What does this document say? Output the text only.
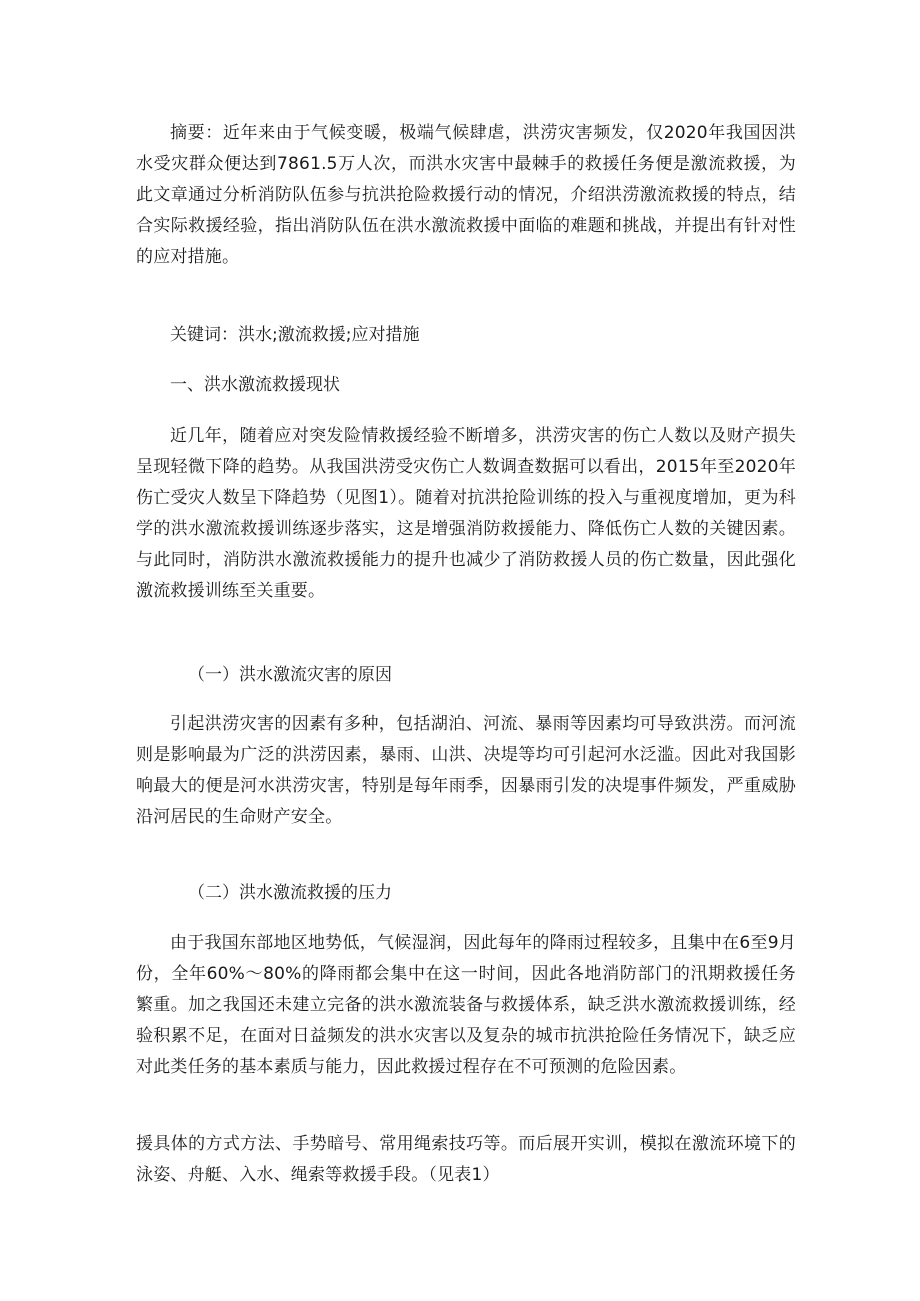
摘要：近年来由于气候变暖，极端气候肆虐，洪涝灾害频发，仅2020年我国因洪水受灾群众便达到7861.5万人次，而洪水灾害中最棘手的救援任务便是激流救援，为此文章通过分析消防队伍参与抗洪抢险救援行动的情况，介绍洪涝激流救援的特点，结合实际救援经验，指出消防队伍在洪水激流救援中面临的难题和挑战，并提出有针对性的应对措施。

关键词：洪水;激流救援;应对措施

一、洪水激流救援现状

近几年，随着应对突发险情救援经验不断增多，洪涝灾害的伤亡人数以及财产损失呈现轻微下降的趋势。从我国洪涝受灾伤亡人数调查数据可以看出，2015年至2020年伤亡受灾人数呈下降趋势（见图1）。随着对抗洪抢险训练的投入与重视度增加，更为科学的洪水激流救援训练逐步落实，这是增强消防救援能力、降低伤亡人数的关键因素。与此同时，消防洪水激流救援能力的提升也减少了消防救援人员的伤亡数量，因此强化激流救援训练至关重要。

（一）洪水激流灾害的原因

引起洪涝灾害的因素有多种，包括湖泊、河流、暴雨等因素均可导致洪涝。而河流则是影响最为广泛的洪涝因素，暴雨、山洪、决堤等均可引起河水泛滥。因此对我国影响最大的便是河水洪涝灾害，特别是每年雨季，因暴雨引发的决堤事件频发，严重威胁沿河居民的生命财产安全。

（二）洪水激流救援的压力

由于我国东部地区地势低，气候湿润，因此每年的降雨过程较多，且集中在6至9月份，全年60%～80%的降雨都会集中在这一时间，因此各地消防部门的汛期救援任务繁重。加之我国还未建立完备的洪水激流装备与救援体系，缺乏洪水激流救援训练，经验积累不足，在面对日益频发的洪水灾害以及复杂的城市抗洪抢险任务情况下，缺乏应对此类任务的基本素质与能力，因此救援过程存在不可预测的危险因素。

援具体的方式方法、手势暗号、常用绳索技巧等。而后展开实训，模拟在激流环境下的泳姿、舟艇、入水、绳索等救援手段。（见表1）
